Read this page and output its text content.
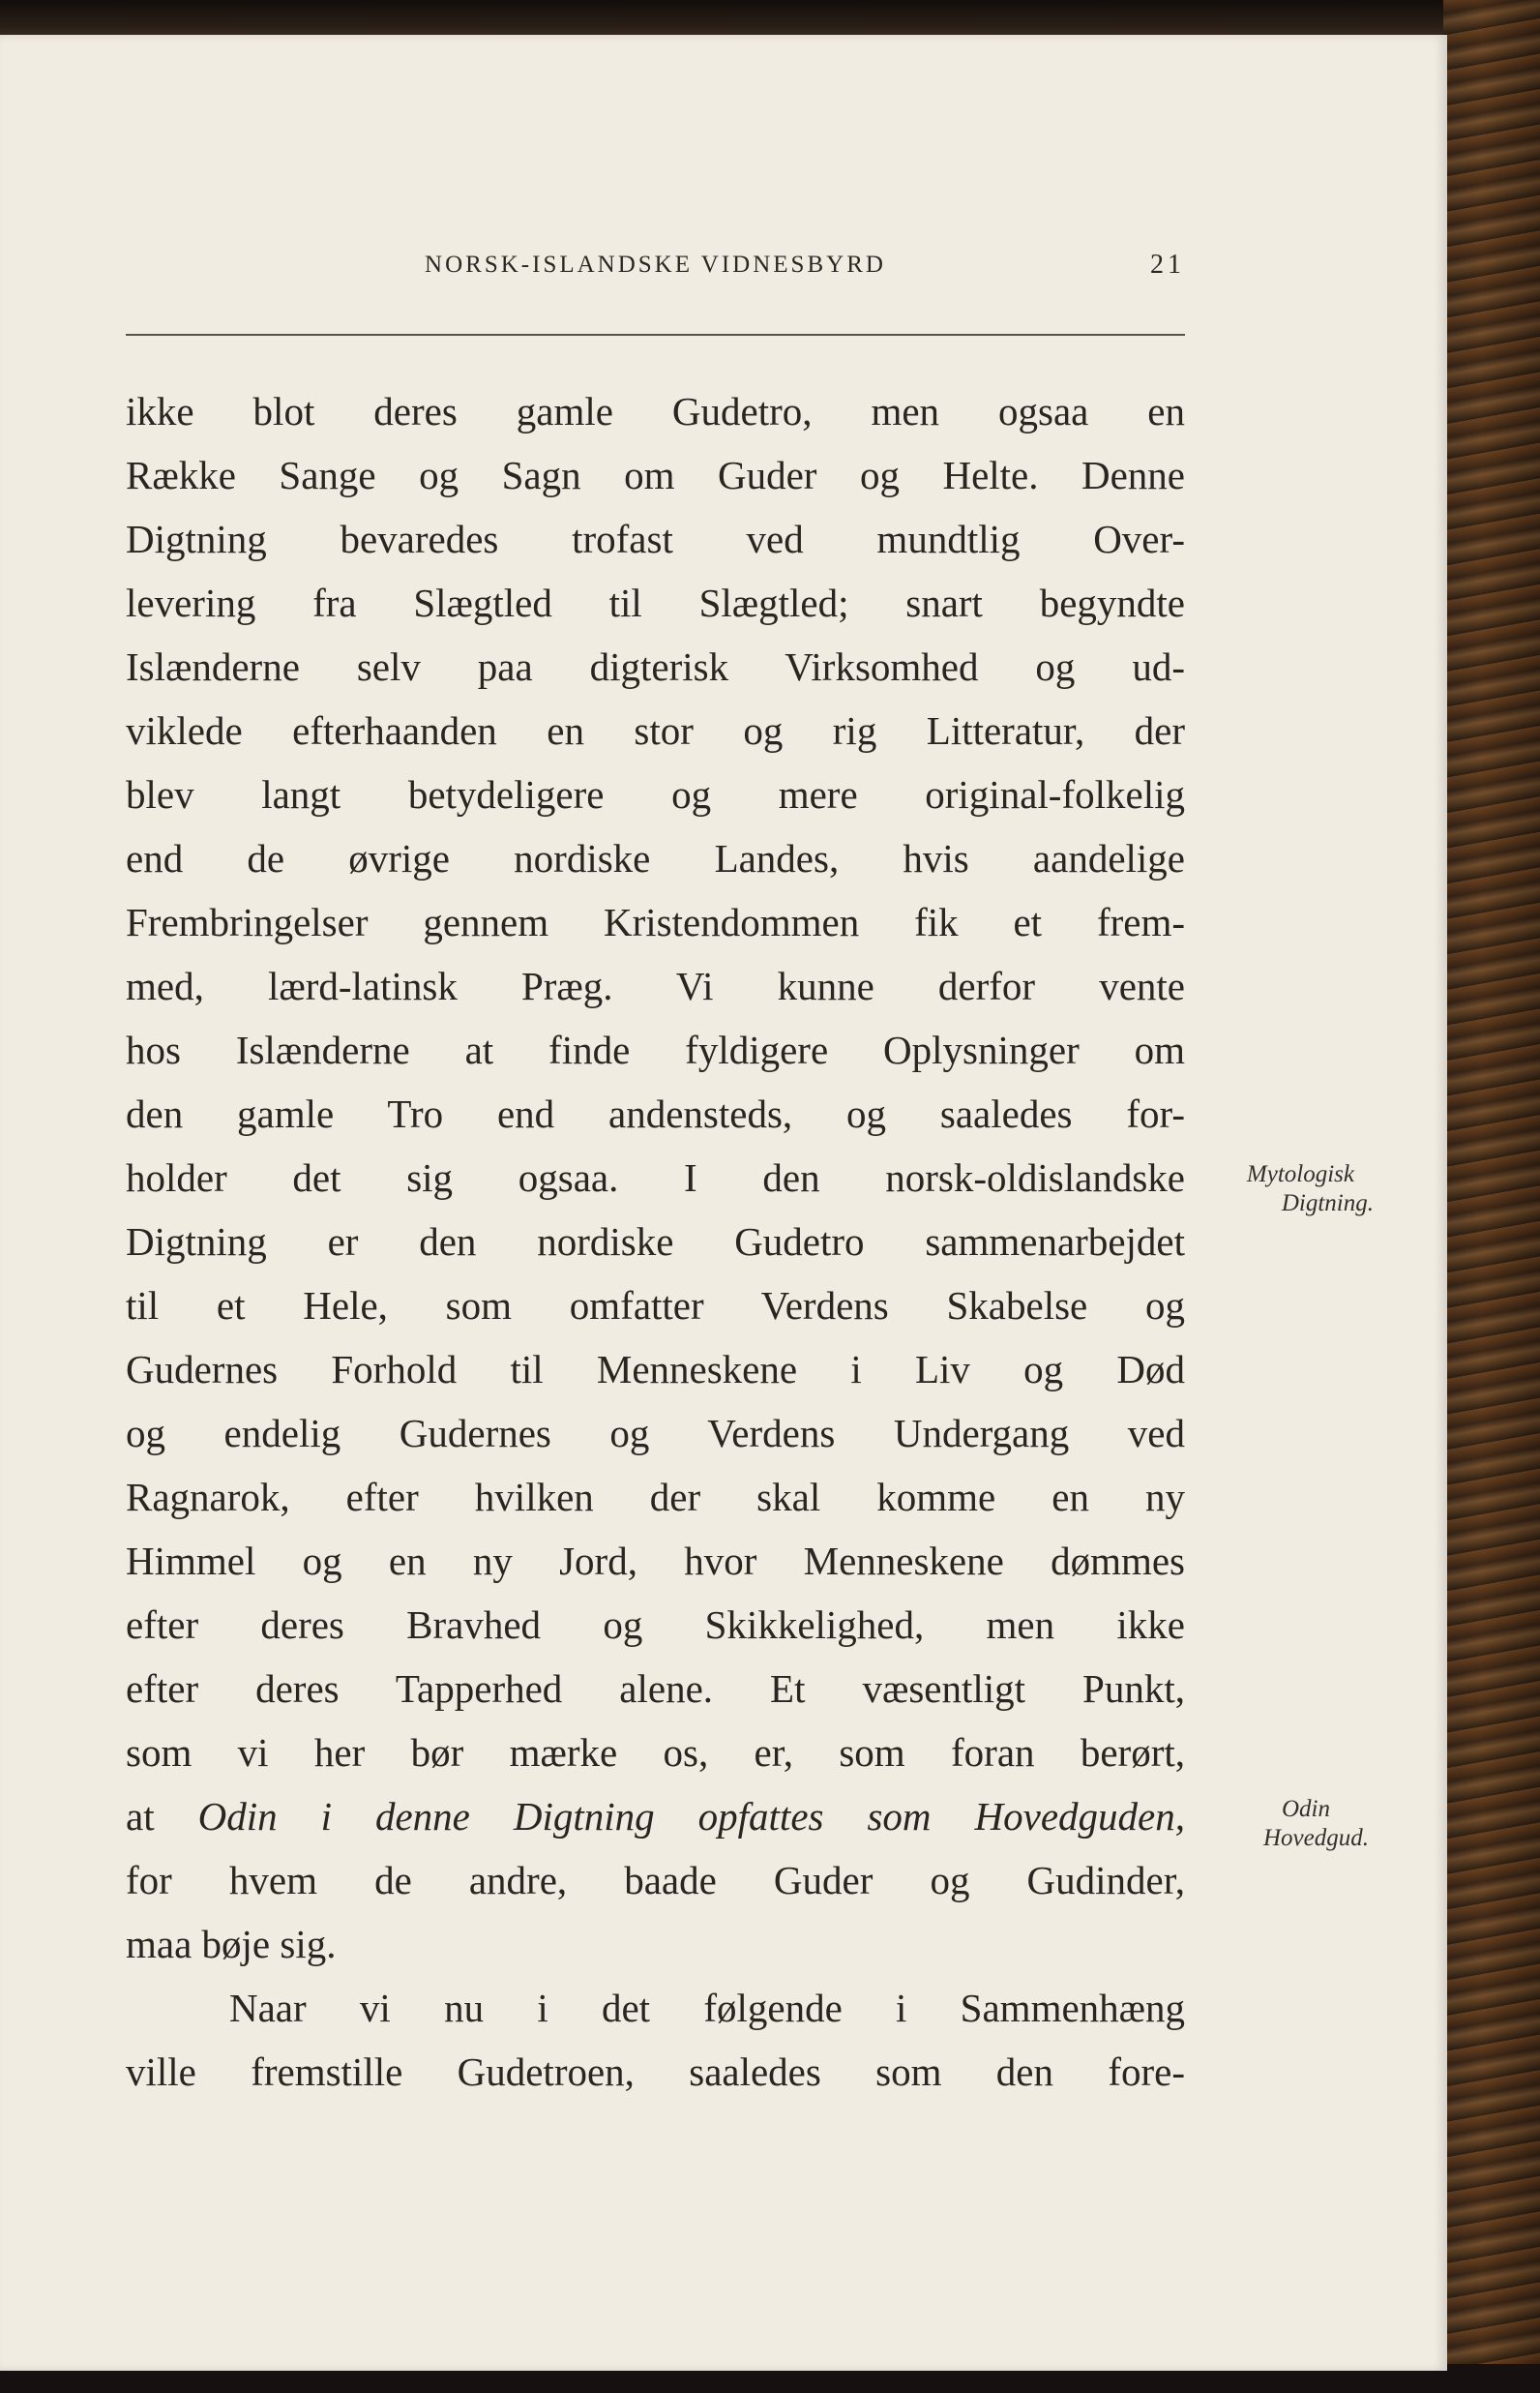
NORSK-ISLANDSKE VIDNESBYRD	21
ikke blot deres gamle Gudetro, men ogsaa en
Række Sange og Sagn om Guder og Helte. Denne
Digtning bevaredes trofast ved mundtlig Over-
levering fra Slægtled til Slægtled; snart begyndte
Islænderne selv paa digterisk Virksomhed og ud-
viklede efterhaanden en stor og rig Litteratur, der
blev langt betydeligere og mere original-folkelig
end de øvrige nordiske Landes, hvis aandelige
Frembringelser gennem Kristendommen fik et frem-
med, lærd-latinsk Præg. Vi kunne derfor vente
hos Islænderne at finde fyldigere Oplysninger om
den gamle Tro end andensteds, og saaledes for-
holder det sig ogsaa. I den norsk-oldislandske
Digtning er den nordiske Gudetro sammenarbejdet
til et Hele, som omfatter Verdens Skabelse og
Gudernes Forhold til Menneskene i Liv og Død
og endelig Gudernes og Verdens Undergang ved
Ragnarok, efter hvilken der skal komme en ny
Himmel og en ny Jord, hvor Menneskene dømmes
efter deres Bravhed og Skikkelighed, men ikke
efter deres Tapperhed alene. Et væsentligt Punkt,
som vi her bør mærke os, er, som foran berørt,
at Odin i denne Digtning opfattes som Hovedguden,
for hvem de andre, baade Guder og Gudinder,
maa bøje sig.
Naar vi nu i det følgende i Sammenhæng
ville fremstille Gudetroen, saaledes som den fore-
Mytologisk
Digtning.
Odin
Hovedgud.
